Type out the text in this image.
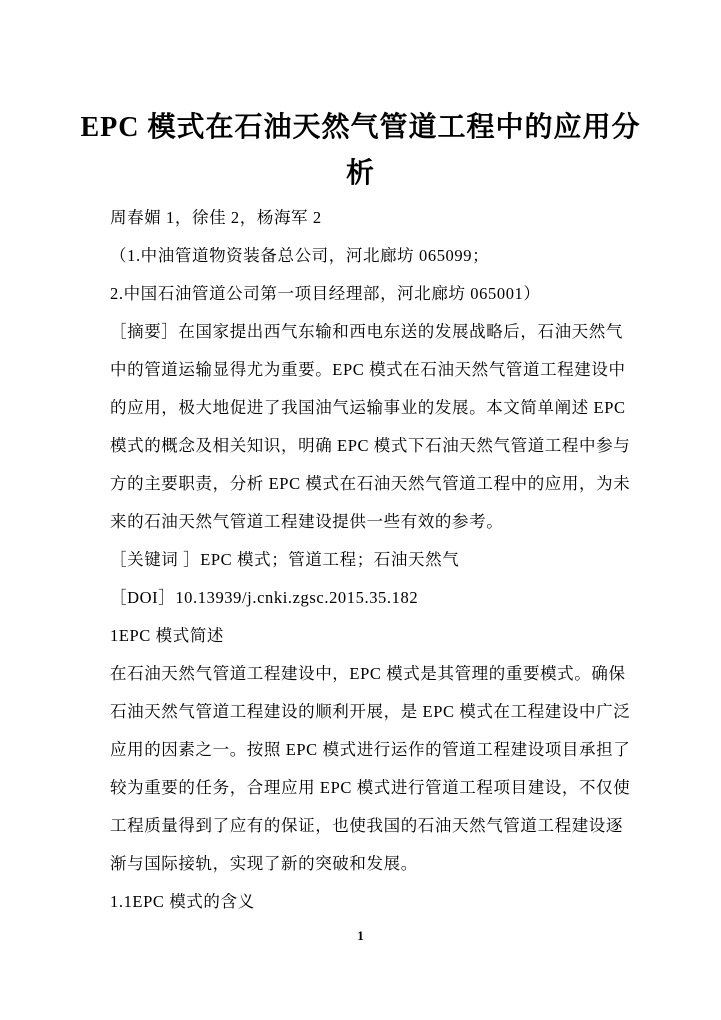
EPC 模式在石油天然气管道工程中的应用分
析
周春媚 1，徐佳 2，杨海军 2
（1.中油管道物资装备总公司，河北廊坊 065099；
2.中国石油管道公司第一项目经理部，河北廊坊 065001）
［摘要］在国家提出西气东输和西电东送的发展战略后，石油天然气
中的管道运输显得尤为重要。EPC 模式在石油天然气管道工程建设中
的应用，极大地促进了我国油气运输事业的发展。本文简单阐述 EPC
模式的概念及相关知识，明确 EPC 模式下石油天然气管道工程中参与
方的主要职责，分析 EPC 模式在石油天然气管道工程中的应用，为未
来的石油天然气管道工程建设提供一些有效的参考。
［关键词 ］EPC 模式；管道工程；石油天然气
［DOI］10.13939/j.cnki.zgsc.2015.35.182
1EPC 模式简述
在石油天然气管道工程建设中，EPC 模式是其管理的重要模式。确保
石油天然气管道工程建设的顺利开展，是 EPC 模式在工程建设中广泛
应用的因素之一。按照 EPC 模式进行运作的管道工程建设项目承担了
较为重要的任务，合理应用 EPC 模式进行管道工程项目建设，不仅使
工程质量得到了应有的保证，也使我国的石油天然气管道工程建设逐
渐与国际接轨，实现了新的突破和发展。
1.1EPC 模式的含义
1
